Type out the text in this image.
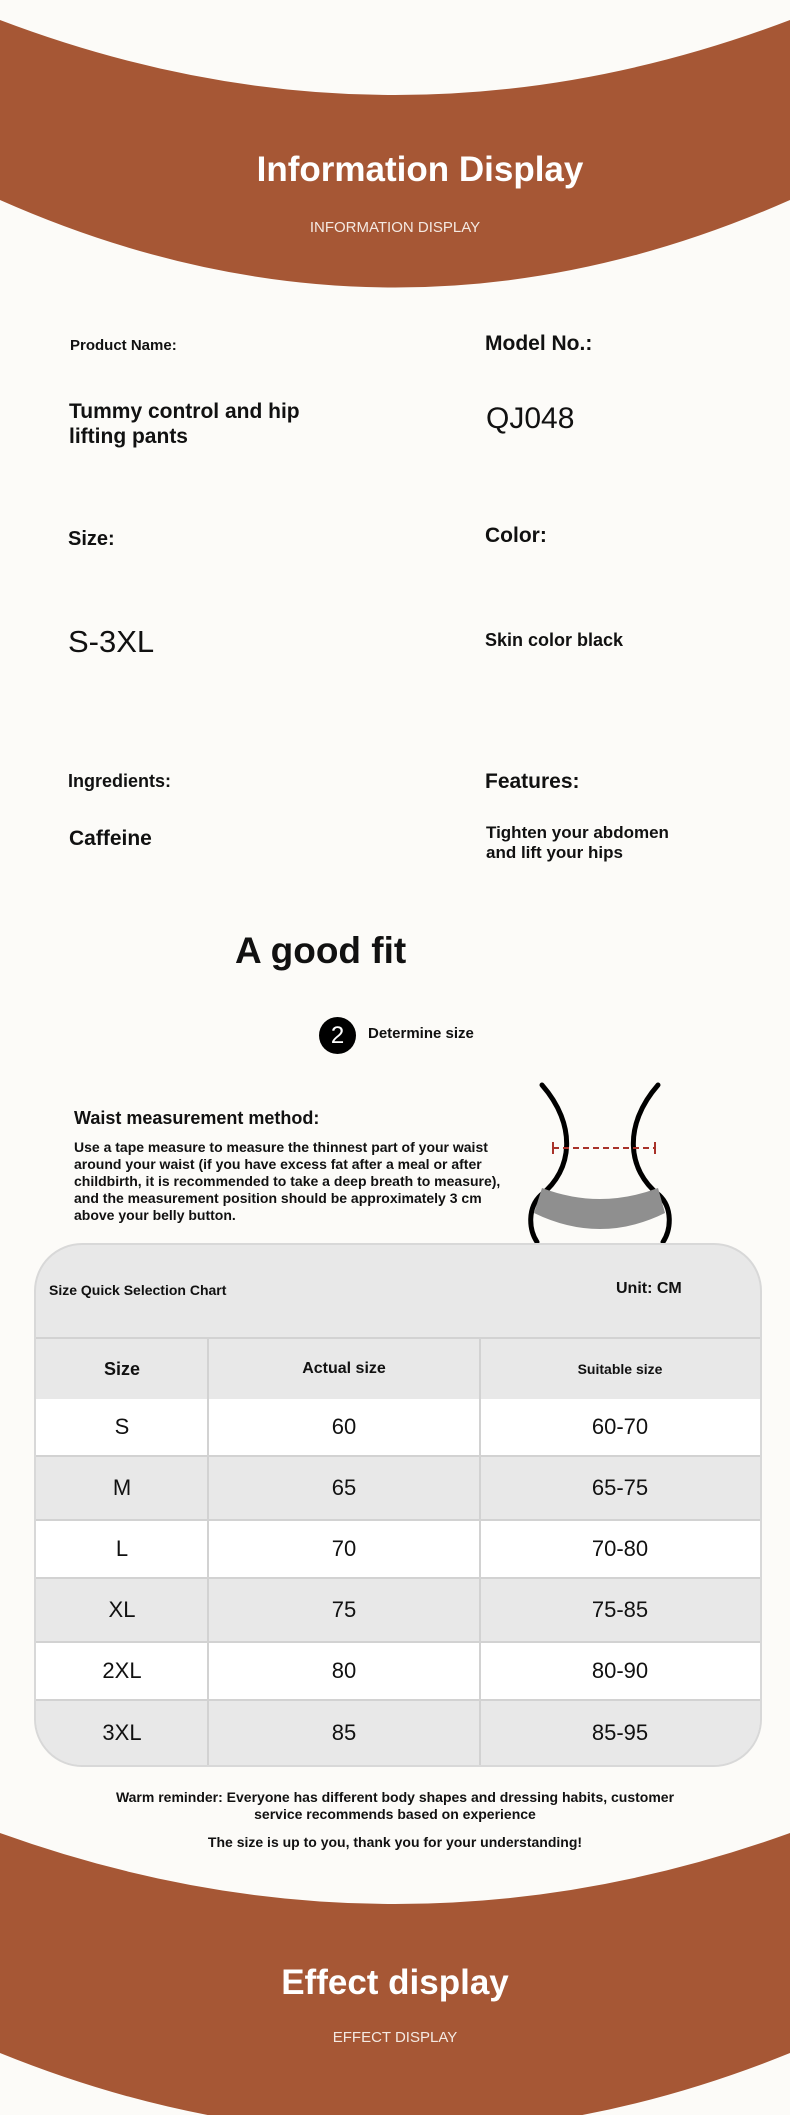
Information Display
INFORMATION DISPLAY
Product Name:
Tummy control and hip lifting pants
Model No.:
QJ048
Size:
S-3XL
Color:
Skin color black
Ingredients:
Caffeine
Features:
Tighten your abdomen and lift your hips
A good fit
2 Determine size
Waist measurement method:
Use a tape measure to measure the thinnest part of your waist around your waist (if you have excess fat after a meal or after childbirth, it is recommended to take a deep breath to measure), and the measurement position should be approximately 3 cm above your belly button.
Size Quick Selection Chart	Unit: CM
Size	Actual size	Suitable size
S	60	60-70
M	65	65-75
L	70	70-80
XL	75	75-85
2XL	80	80-90
3XL	85	85-95
Warm reminder: Everyone has different body shapes and dressing habits, customer service recommends based on experience
The size is up to you, thank you for your understanding!
Effect display
EFFECT DISPLAY
